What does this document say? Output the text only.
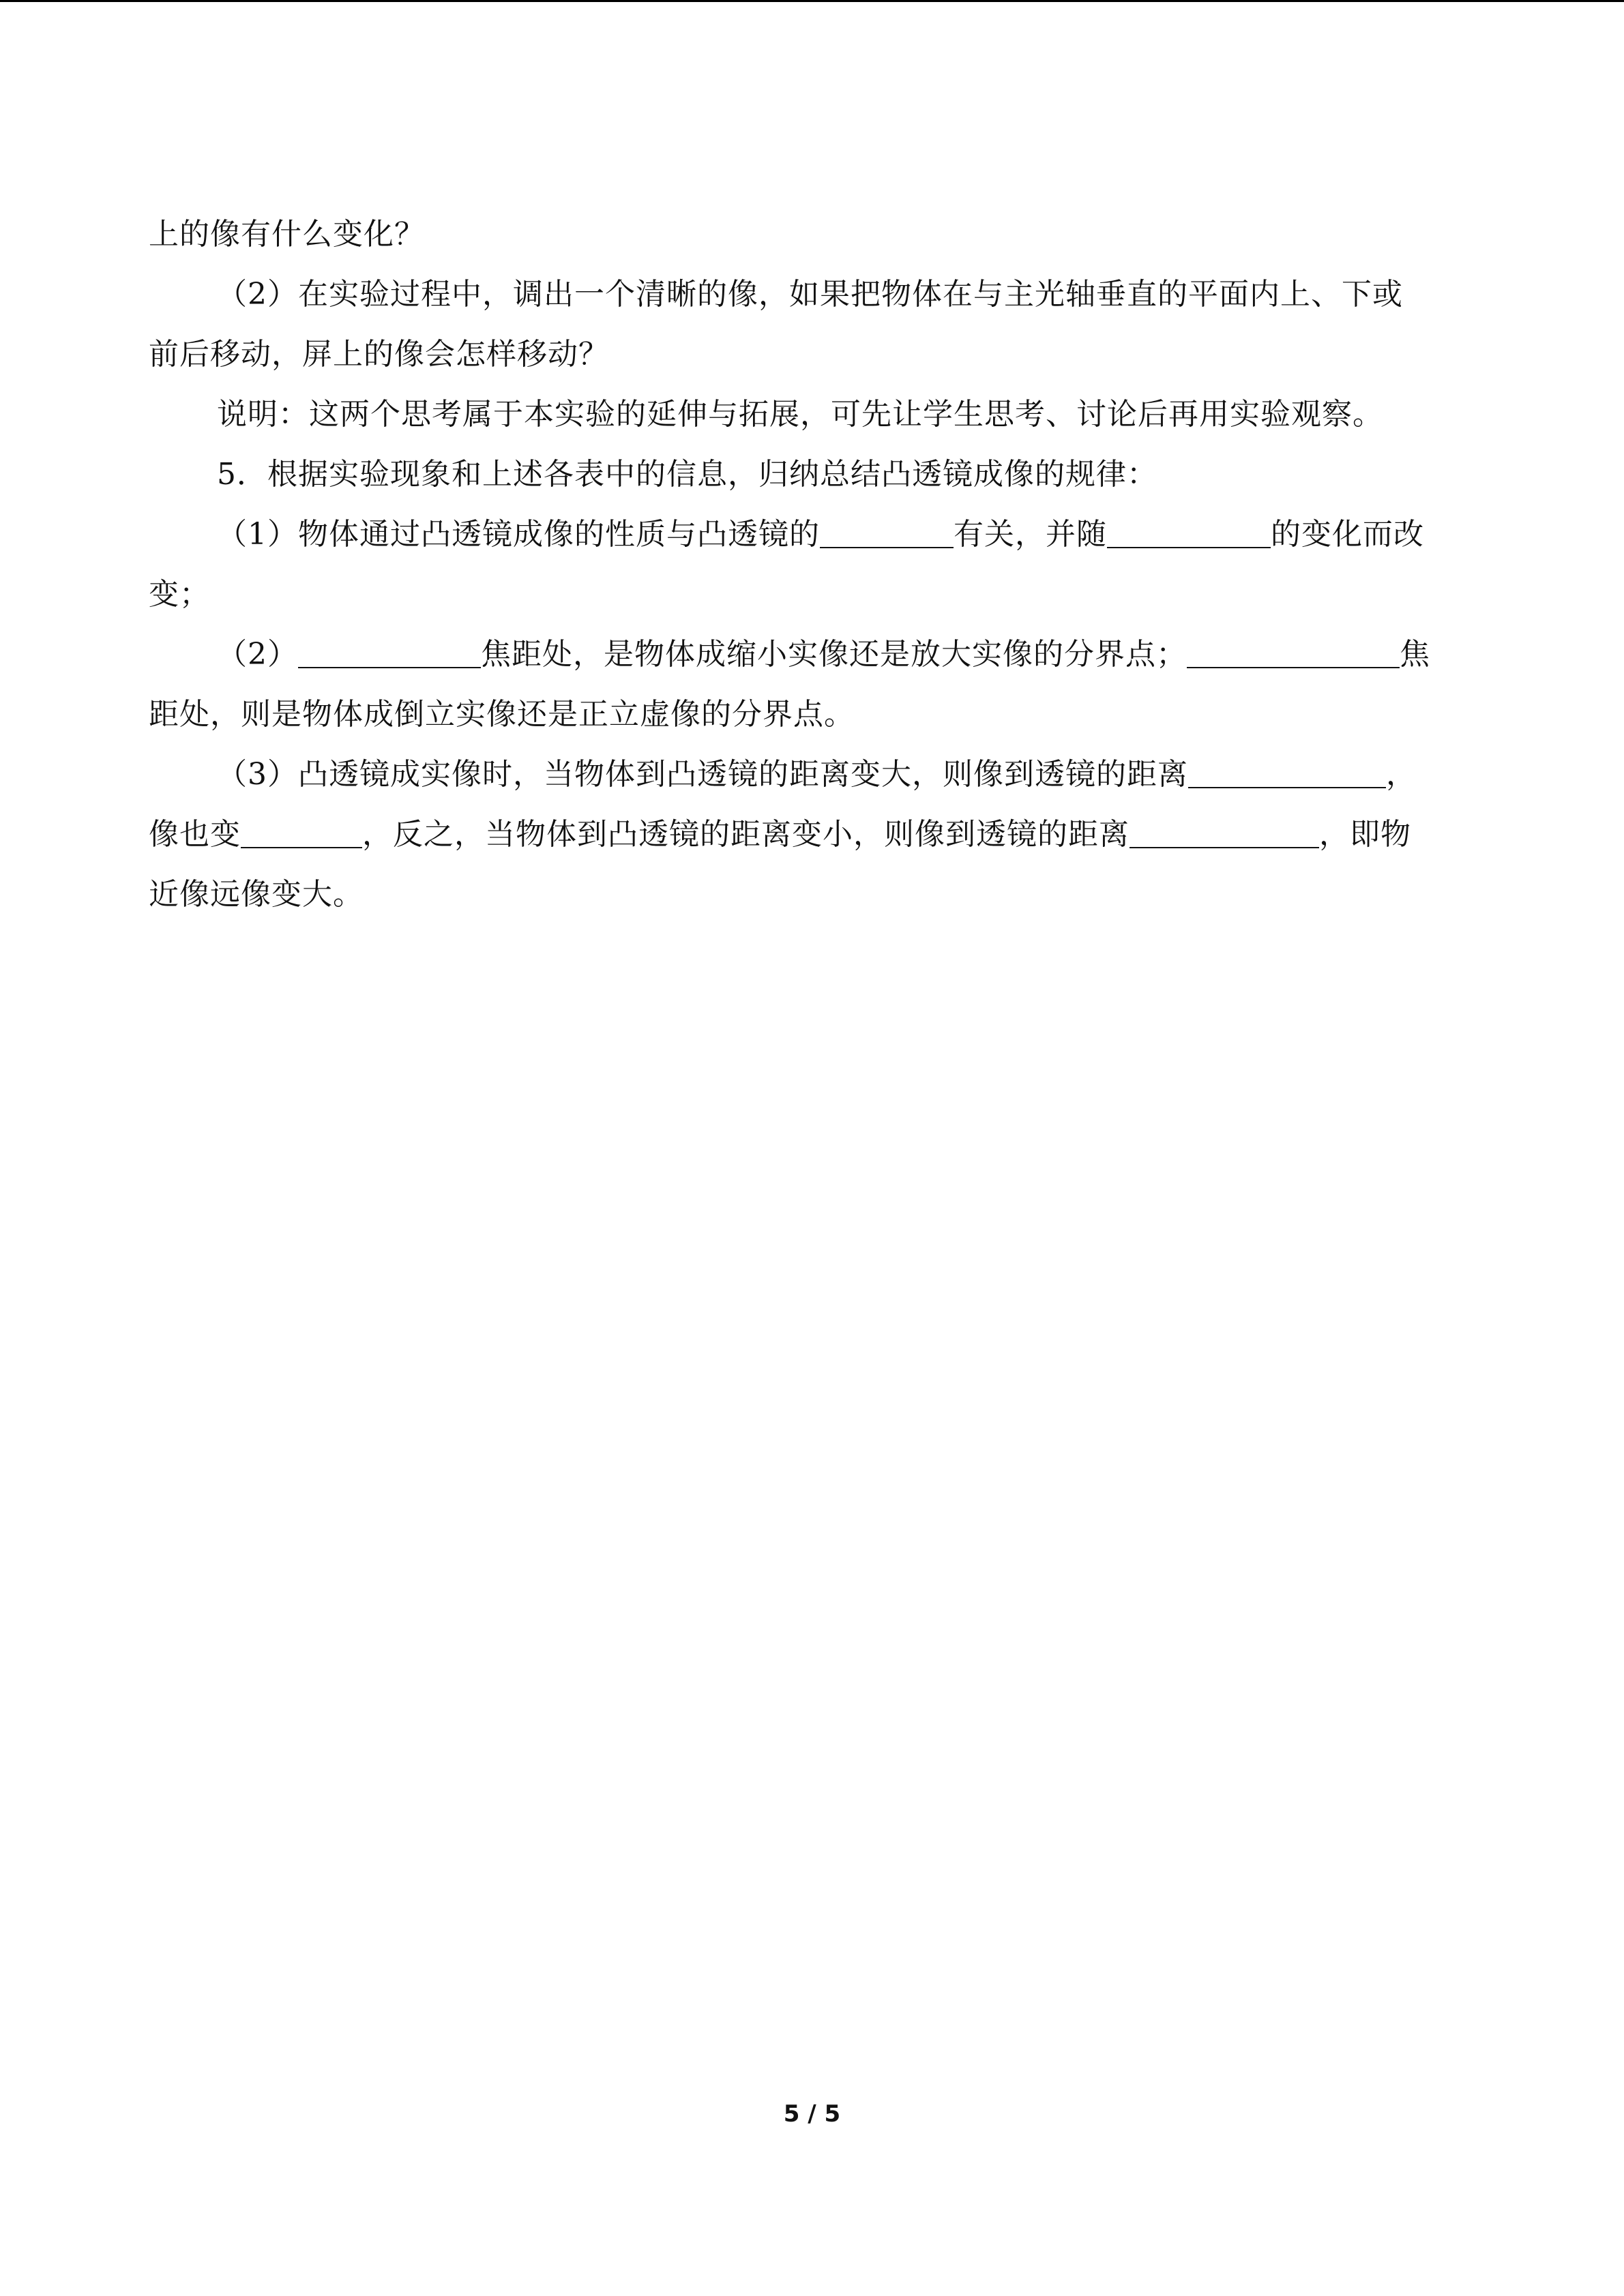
上的像有什么变化？

（2）在实验过程中，调出一个清晰的像，如果把物体在与主光轴垂直的平面内上、下或
前后移动，屏上的像会怎样移动？

说明：这两个思考属于本实验的延伸与拓展，可先让学生思考、讨论后再用实验观察。

5．根据实验现象和上述各表中的信息，归纳总结凸透镜成像的规律：

（1）物体通过凸透镜成像的性质与凸透镜的	有关，并随	的变化而改
变；

（2）	焦距处，是物体成缩小实像还是放大实像的分界点；	焦
距处，则是物体成倒立实像还是正立虚像的分界点。

（3）凸透镜成实像时，当物体到凸透镜的距离变大，则像到透镜的距离	，
像也变	，反之，当物体到凸透镜的距离变小，则像到透镜的距离	，即物
近像远像变大。

5 / 5
